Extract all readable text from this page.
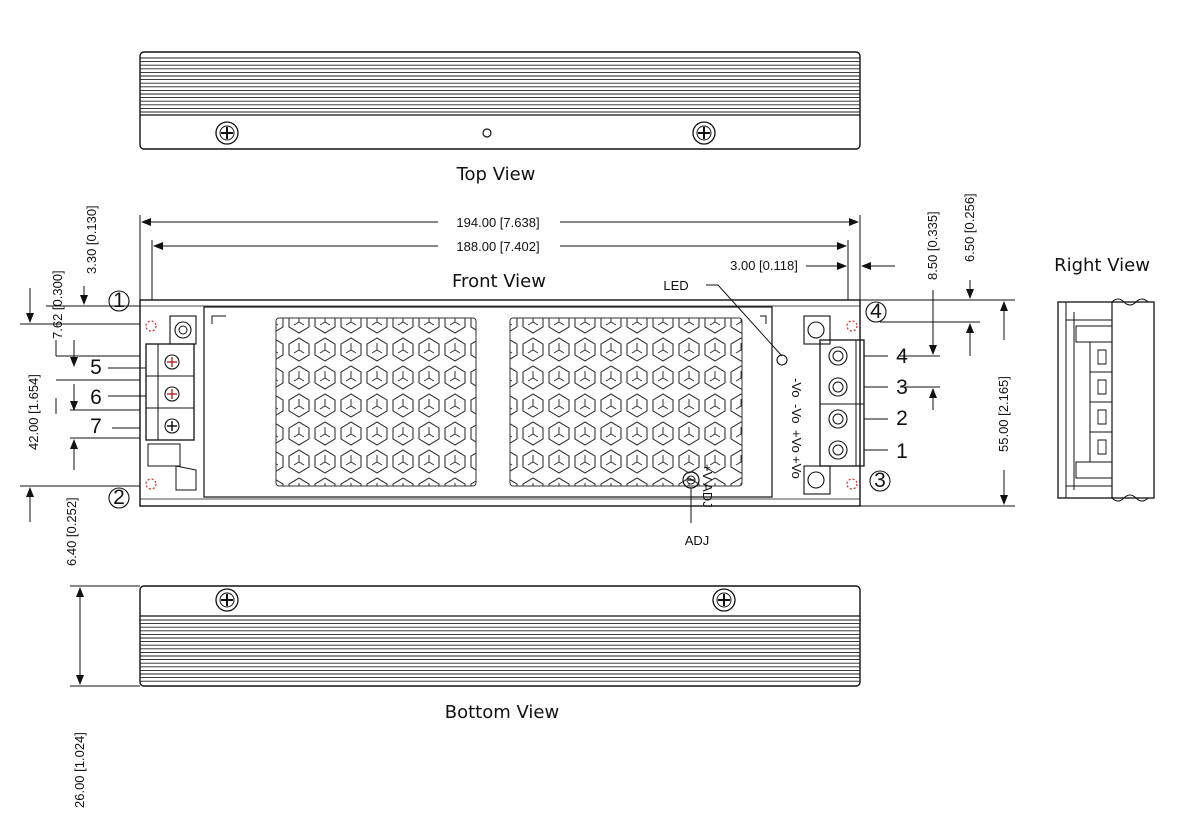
Top View
194.00 [7.638]
188.00 [7.402]
3.00 [0.118]
Front View
1
2
3
4
5
6
7
4
3
2
1
-Vo
-Vo
+Vo
+Vo
LED
+V ADJ
ADJ
7.62 [0.300]
3.30 [0.130]
42.00 [1.654]
6.40 [0.252]
55.00 [2.165]
6.50 [0.256]
8.50 [0.335]	Right View
Bottom View
26.00 [1.024]
